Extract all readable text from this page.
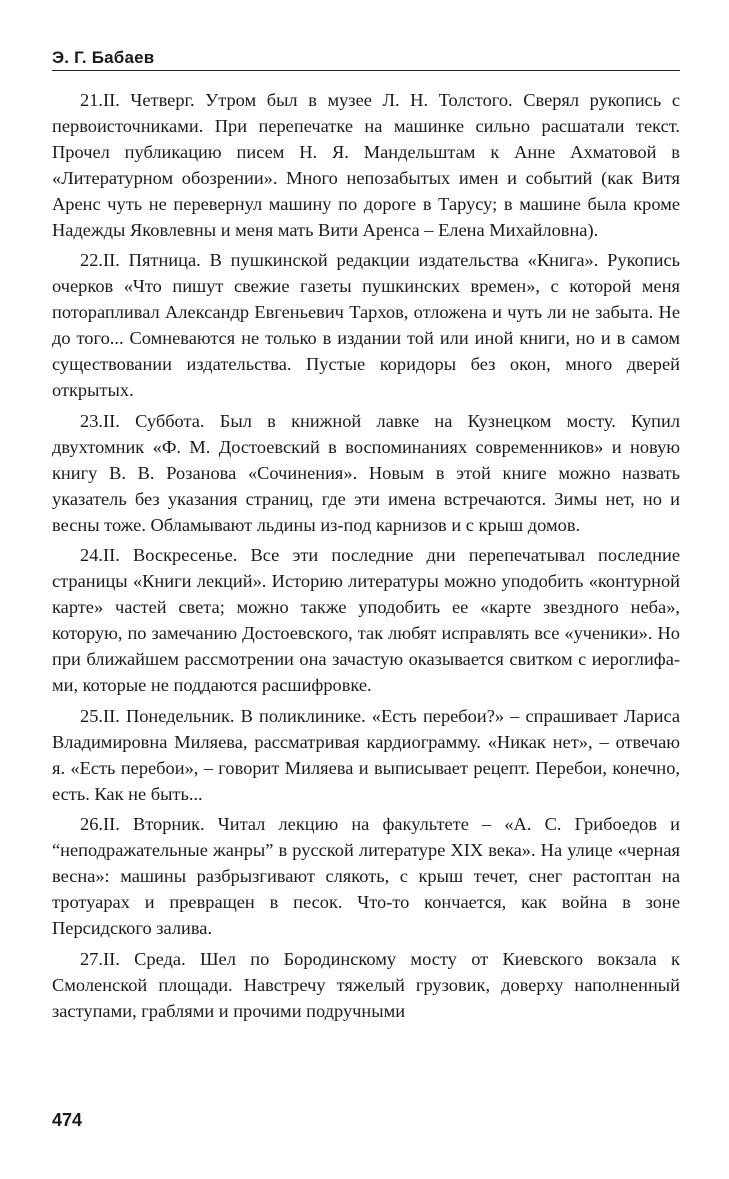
Э. Г. Бабаев

21.II. Четверг. Утром был в музее Л. Н. Толстого. Сверял рукопись с первоисточниками. При перепечатке на машинке сильно расшатали текст. Прочел публикацию писем Н. Я. Мандельштам к Анне Ахматовой в «Литературном обозрении». Много непозабытых имен и событий (как Витя Аренс чуть не перевернул машину по дороге в Тарусу; в машине была кроме Надежды Яковлевны и меня мать Вити Аренса – Елена Михайловна).

22.II. Пятница. В пушкинской редакции издательства «Книга». Рукопись очерков «Что пишут свежие газеты пушкинских времен», с которой меня поторапливал Александр Евгеньевич Тархов, отложена и чуть ли не забыта. Не до того... Сомневаются не только в издании той или иной книги, но и в самом существовании издательства. Пустые коридоры без окон, много дверей открытых.

23.II. Суббота. Был в книжной лавке на Кузнецком мосту. Купил двухтомник «Ф. М. Достоевский в воспоминаниях современников» и новую книгу В. В. Розанова «Сочинения». Новым в этой книге можно назвать указатель без указания страниц, где эти имена встречаются. Зимы нет, но и весны тоже. Обламывают льдины из-под карнизов и с крыш домов.

24.II. Воскресенье. Все эти последние дни перепечатывал последние страницы «Книги лекций». Историю литературы можно уподобить «контурной карте» частей света; можно также уподобить ее «карте звездного неба», которую, по замечанию Достоевского, так любят исправлять все «ученики». Но при ближайшем рассмотрении она зачастую оказывается свитком с иероглифами, которые не поддаются расшифровке.

25.II. Понедельник. В поликлинике. «Есть перебои?» – спрашивает Лариса Владимировна Миляева, рассматривая кардиограмму. «Никак нет», – отвечаю я. «Есть перебои», – говорит Миляева и выписывает рецепт. Перебои, конечно, есть. Как не быть...

26.II. Вторник. Читал лекцию на факультете – «А. С. Грибоедов и “неподражательные жанры” в русской литературе XIX века». На улице «черная весна»: машины разбрызгивают слякоть, с крыш течет, снег растоптан на тротуарах и превращен в песок. Что-то кончается, как война в зоне Персидского залива.

27.II. Среда. Шел по Бородинскому мосту от Киевского вокзала к Смоленской площади. Навстречу тяжелый грузовик, доверху наполненный заступами, граблями и прочими подручными

474
